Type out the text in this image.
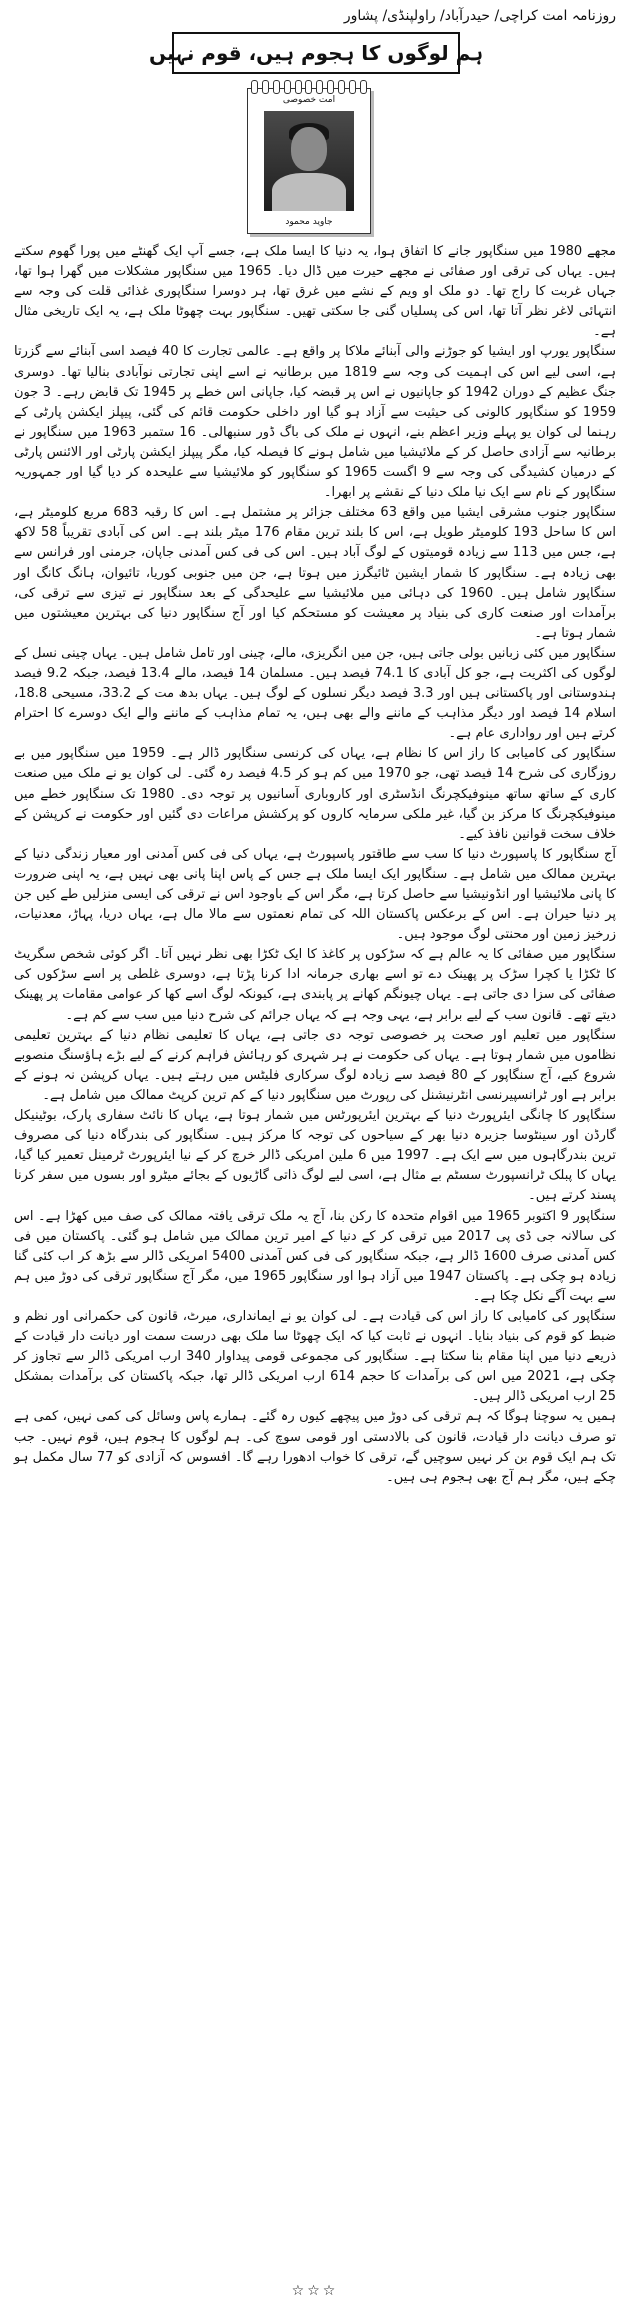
روزنامہ امت کراچی/ حیدرآباد/ راولپنڈی/ پشاور
ہم لوگوں کا ہجوم ہیں، قوم نہیں
امت خصوصی
جاوید محمود

مجھے 1980 میں سنگاپور جانے کا اتفاق ہوا، یہ دنیا کا ایسا ملک ہے، جسے آپ ایک گھنٹے میں پورا گھوم سکتے ہیں۔ یہاں کی ترقی اور صفائی نے مجھے حیرت میں ڈال دیا۔ 1965 میں سنگاپور مشکلات میں گھرا ہوا تھا، جہاں غربت کا راج تھا۔ دو ملک او ویم کے نشے میں غرق تھا، ہر دوسرا سنگاپوری غذائی قلت کی وجہ سے انتہائی لاغر نظر آتا تھا، اس کی پسلیاں گنی جا سکتی تھیں۔ سنگاپور بہت چھوٹا ملک ہے، یہ ایک تاریخی مثال ہے۔

سنگاپور یورپ اور ایشیا کو جوڑنے والی آبنائے ملاکا پر واقع ہے۔ عالمی تجارت کا 40 فیصد اسی آبنائے سے گزرتا ہے، اسی لیے اس کی اہمیت کی وجہ سے 1819 میں برطانیہ نے اسے اپنی تجارتی نوآبادی بنالیا تھا۔ دوسری جنگ عظیم کے دوران 1942 کو جاپانیوں نے اس پر قبضہ کیا، جاپانی اس خطے پر 1945 تک قابض رہے۔ 3 جون 1959 کو سنگاپور کالونی کی حیثیت سے آزاد ہو گیا اور داخلی حکومت قائم کی گئی، پیپلز ایکشن پارٹی کے رہنما لی کوان یو پہلے وزیر اعظم بنے، انہوں نے ملک کی باگ ڈور سنبھالی۔ 16 ستمبر 1963 میں سنگاپور نے برطانیہ سے آزادی حاصل کر کے ملائیشیا میں شامل ہونے کا فیصلہ کیا، مگر پیپلز ایکشن پارٹی اور الائنس پارٹی کے درمیان کشیدگی کی وجہ سے 9 اگست 1965 کو سنگاپور کو ملائیشیا سے علیحدہ کر دیا گیا اور جمہوریہ سنگاپور کے نام سے ایک نیا ملک دنیا کے نقشے پر ابھرا۔

سنگاپور جنوب مشرقی ایشیا میں واقع 63 مختلف جزائر پر مشتمل ہے۔ اس کا رقبہ 683 مربع کلومیٹر ہے، اس کا ساحل 193 کلومیٹر طویل ہے، اس کا بلند ترین مقام 176 میٹر بلند ہے۔ اس کی آبادی تقریباً 58 لاکھ ہے، جس میں 113 سے زیادہ قومیتوں کے لوگ آباد ہیں۔ اس کی فی کس آمدنی جاپان، جرمنی اور فرانس سے بھی زیادہ ہے۔ سنگاپور کا شمار ایشین ٹائیگرز میں ہوتا ہے، جن میں جنوبی کوریا، تائیوان، ہانگ کانگ اور سنگاپور شامل ہیں۔ 1960 کی دہائی میں ملائیشیا سے علیحدگی کے بعد سنگاپور نے تیزی سے ترقی کی، برآمدات اور صنعت کاری کی بنیاد پر معیشت کو مستحکم کیا اور آج سنگاپور دنیا کی بہترین معیشتوں میں شمار ہوتا ہے۔

سنگاپور میں کئی زبانیں بولی جاتی ہیں، جن میں انگریزی، مالے، چینی اور تامل شامل ہیں۔ یہاں چینی نسل کے لوگوں کی اکثریت ہے، جو کل آبادی کا 74.1 فیصد ہیں۔ مسلمان 14 فیصد، مالے 13.4 فیصد، جبکہ 9.2 فیصد ہندوستانی اور پاکستانی ہیں اور 3.3 فیصد دیگر نسلوں کے لوگ ہیں۔ یہاں بدھ مت کے 33.2، مسیحی 18.8، اسلام 14 فیصد اور دیگر مذاہب کے ماننے والے بھی ہیں، یہ تمام مذاہب کے ماننے والے ایک دوسرے کا احترام کرتے ہیں اور رواداری عام ہے۔

سنگاپور کی کامیابی کا راز اس کا نظام ہے، یہاں کی کرنسی سنگاپور ڈالر ہے۔ 1959 میں سنگاپور میں بے روزگاری کی شرح 14 فیصد تھی، جو 1970 میں کم ہو کر 4.5 فیصد رہ گئی۔ لی کوان یو نے ملک میں صنعت کاری کے ساتھ ساتھ مینوفیکچرنگ انڈسٹری اور کاروباری آسانیوں پر توجہ دی۔ 1980 تک سنگاپور خطے میں مینوفیکچرنگ کا مرکز بن گیا، غیر ملکی سرمایہ کاروں کو پرکشش مراعات دی گئیں اور حکومت نے کرپشن کے خلاف سخت قوانین نافذ کیے۔

آج سنگاپور کا پاسپورٹ دنیا کا سب سے طاقتور پاسپورٹ ہے، یہاں کی فی کس آمدنی اور معیار زندگی دنیا کے بہترین ممالک میں شامل ہے۔ سنگاپور ایک ایسا ملک ہے جس کے پاس اپنا پانی بھی نہیں ہے، یہ اپنی ضرورت کا پانی ملائیشیا اور انڈونیشیا سے حاصل کرتا ہے، مگر اس کے باوجود اس نے ترقی کی ایسی منزلیں طے کیں جن پر دنیا حیران ہے۔ اس کے برعکس پاکستان اللہ کی تمام نعمتوں سے مالا مال ہے، یہاں دریا، پہاڑ، معدنیات، زرخیز زمین اور محنتی لوگ موجود ہیں۔

سنگاپور میں صفائی کا یہ عالم ہے کہ سڑکوں پر کاغذ کا ایک ٹکڑا بھی نظر نہیں آتا۔ اگر کوئی شخص سگریٹ کا ٹکڑا یا کچرا سڑک پر پھینک دے تو اسے بھاری جرمانہ ادا کرنا پڑتا ہے، دوسری غلطی پر اسے سڑکوں کی صفائی کی سزا دی جاتی ہے۔ یہاں چیونگم کھانے پر پابندی ہے، کیونکہ لوگ اسے کھا کر عوامی مقامات پر پھینک دیتے تھے۔ قانون سب کے لیے برابر ہے، یہی وجہ ہے کہ یہاں جرائم کی شرح دنیا میں سب سے کم ہے۔

سنگاپور میں تعلیم اور صحت پر خصوصی توجہ دی جاتی ہے، یہاں کا تعلیمی نظام دنیا کے بہترین تعلیمی نظاموں میں شمار ہوتا ہے۔ یہاں کی حکومت نے ہر شہری کو رہائش فراہم کرنے کے لیے بڑے ہاؤسنگ منصوبے شروع کیے، آج سنگاپور کے 80 فیصد سے زیادہ لوگ سرکاری فلیٹس میں رہتے ہیں۔ یہاں کرپشن نہ ہونے کے برابر ہے اور ٹرانسپیرنسی انٹرنیشنل کی رپورٹ میں سنگاپور دنیا کے کم ترین کرپٹ ممالک میں شامل ہے۔

سنگاپور کا چانگی ایئرپورٹ دنیا کے بہترین ایئرپورٹس میں شمار ہوتا ہے، یہاں کا نائٹ سفاری پارک، بوٹینیکل گارڈن اور سینٹوسا جزیرہ دنیا بھر کے سیاحوں کی توجہ کا مرکز ہیں۔ سنگاپور کی بندرگاہ دنیا کی مصروف ترین بندرگاہوں میں سے ایک ہے۔ 1997 میں 6 ملین امریکی ڈالر خرچ کر کے نیا ایئرپورٹ ٹرمینل تعمیر کیا گیا، یہاں کا پبلک ٹرانسپورٹ سسٹم بے مثال ہے، اسی لیے لوگ ذاتی گاڑیوں کے بجائے میٹرو اور بسوں میں سفر کرنا پسند کرتے ہیں۔

سنگاپور 9 اکتوبر 1965 میں اقوام متحدہ کا رکن بنا، آج یہ ملک ترقی یافتہ ممالک کی صف میں کھڑا ہے۔ اس کی سالانہ جی ڈی پی 2017 میں ترقی کر کے دنیا کے امیر ترین ممالک میں شامل ہو گئی۔ پاکستان میں فی کس آمدنی صرف 1600 ڈالر ہے، جبکہ سنگاپور کی فی کس آمدنی 5400 امریکی ڈالر سے بڑھ کر اب کئی گنا زیادہ ہو چکی ہے۔ پاکستان 1947 میں آزاد ہوا اور سنگاپور 1965 میں، مگر آج سنگاپور ترقی کی دوڑ میں ہم سے بہت آگے نکل چکا ہے۔

سنگاپور کی کامیابی کا راز اس کی قیادت ہے۔ لی کوان یو نے ایمانداری، میرٹ، قانون کی حکمرانی اور نظم و ضبط کو قوم کی بنیاد بنایا۔ انہوں نے ثابت کیا کہ ایک چھوٹا سا ملک بھی درست سمت اور دیانت دار قیادت کے ذریعے دنیا میں اپنا مقام بنا سکتا ہے۔ سنگاپور کی مجموعی قومی پیداوار 340 ارب امریکی ڈالر سے تجاوز کر چکی ہے، 2021 میں اس کی برآمدات کا حجم 614 ارب امریکی ڈالر تھا، جبکہ پاکستان کی برآمدات بمشکل 25 ارب امریکی ڈالر ہیں۔

ہمیں یہ سوچنا ہوگا کہ ہم ترقی کی دوڑ میں پیچھے کیوں رہ گئے۔ ہمارے پاس وسائل کی کمی نہیں، کمی ہے تو صرف دیانت دار قیادت، قانون کی بالادستی اور قومی سوچ کی۔ ہم لوگوں کا ہجوم ہیں، قوم نہیں۔ جب تک ہم ایک قوم بن کر نہیں سوچیں گے، ترقی کا خواب ادھورا رہے گا۔ افسوس کہ آزادی کو 77 سال مکمل ہو چکے ہیں، مگر ہم آج بھی ہجوم ہی ہیں۔

☆☆☆
